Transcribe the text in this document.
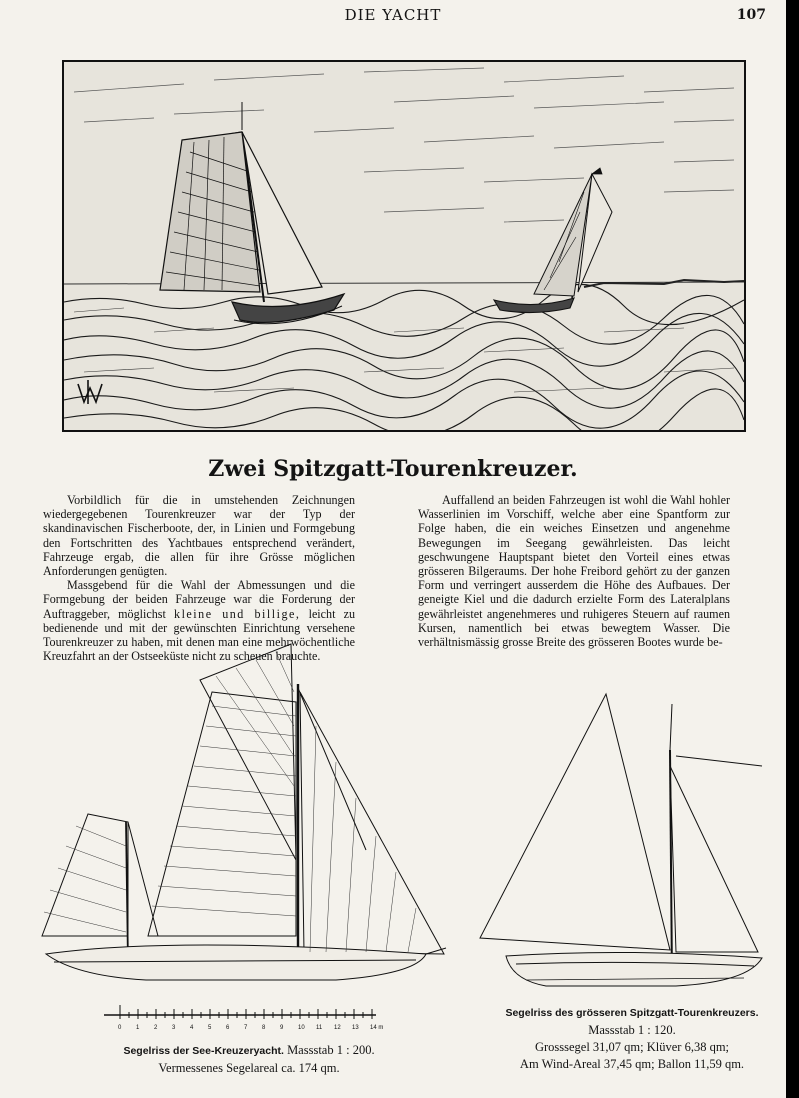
DIE YACHT	107
Zwei Spitzgatt-Tourenkreuzer.

Vorbildlich für die in umstehenden Zeichnungen wiedergegebenen Tourenkreuzer war der Typ der skandinavischen Fischerboote, der, in Linien und Formgebung den Fortschritten des Yachtbaues entsprechend verändert, Fahrzeuge ergab, die allen für ihre Grösse möglichen Anforderungen genügten.

Massgebend für die Wahl der Abmessungen und die Formgebung der beiden Fahrzeuge war die Forderung der Auftraggeber, möglichst kleine und billige, leicht zu bedienende und mit der gewünschten Einrichtung versehene Tourenkreuzer zu haben, mit denen man eine mehrwöchentliche Kreuzfahrt an der Ostseeküste nicht zu scheuen brauchte.

Auffallend an beiden Fahrzeugen ist wohl die Wahl hohler Wasserlinien im Vorschiff, welche aber eine Spantform zur Folge haben, die ein weiches Einsetzen und angenehme Bewegungen im Seegang gewährleisten. Das leicht geschwungene Hauptspant bietet den Vorteil eines etwas grösseren Bilgeraums. Der hohe Freibord gehört zu der ganzen Form und verringert ausserdem die Höhe des Aufbaues. Der geneigte Kiel und die dadurch erzielte Form des Lateralplans gewährleistet angenehmeres und ruhigeres Steuern auf raumen Kursen, namentlich bei etwas bewegtem Wasser. Die verhältnismässig grosse Breite des grösseren Bootes wurde be-

0 1 2 3 4 5 6 7 8 9 10 11 12 13 14 m
Segelriss der See-Kreuzeryacht. Massstab 1 : 200.
Vermessenes Segelareal ca. 174 qm.
Segelriss des grösseren Spitzgatt-Tourenkreuzers.
Massstab 1 : 120.
Grosssegel 31,07 qm; Klüver 6,38 qm;
Am Wind-Areal 37,45 qm; Ballon 11,59 qm.
